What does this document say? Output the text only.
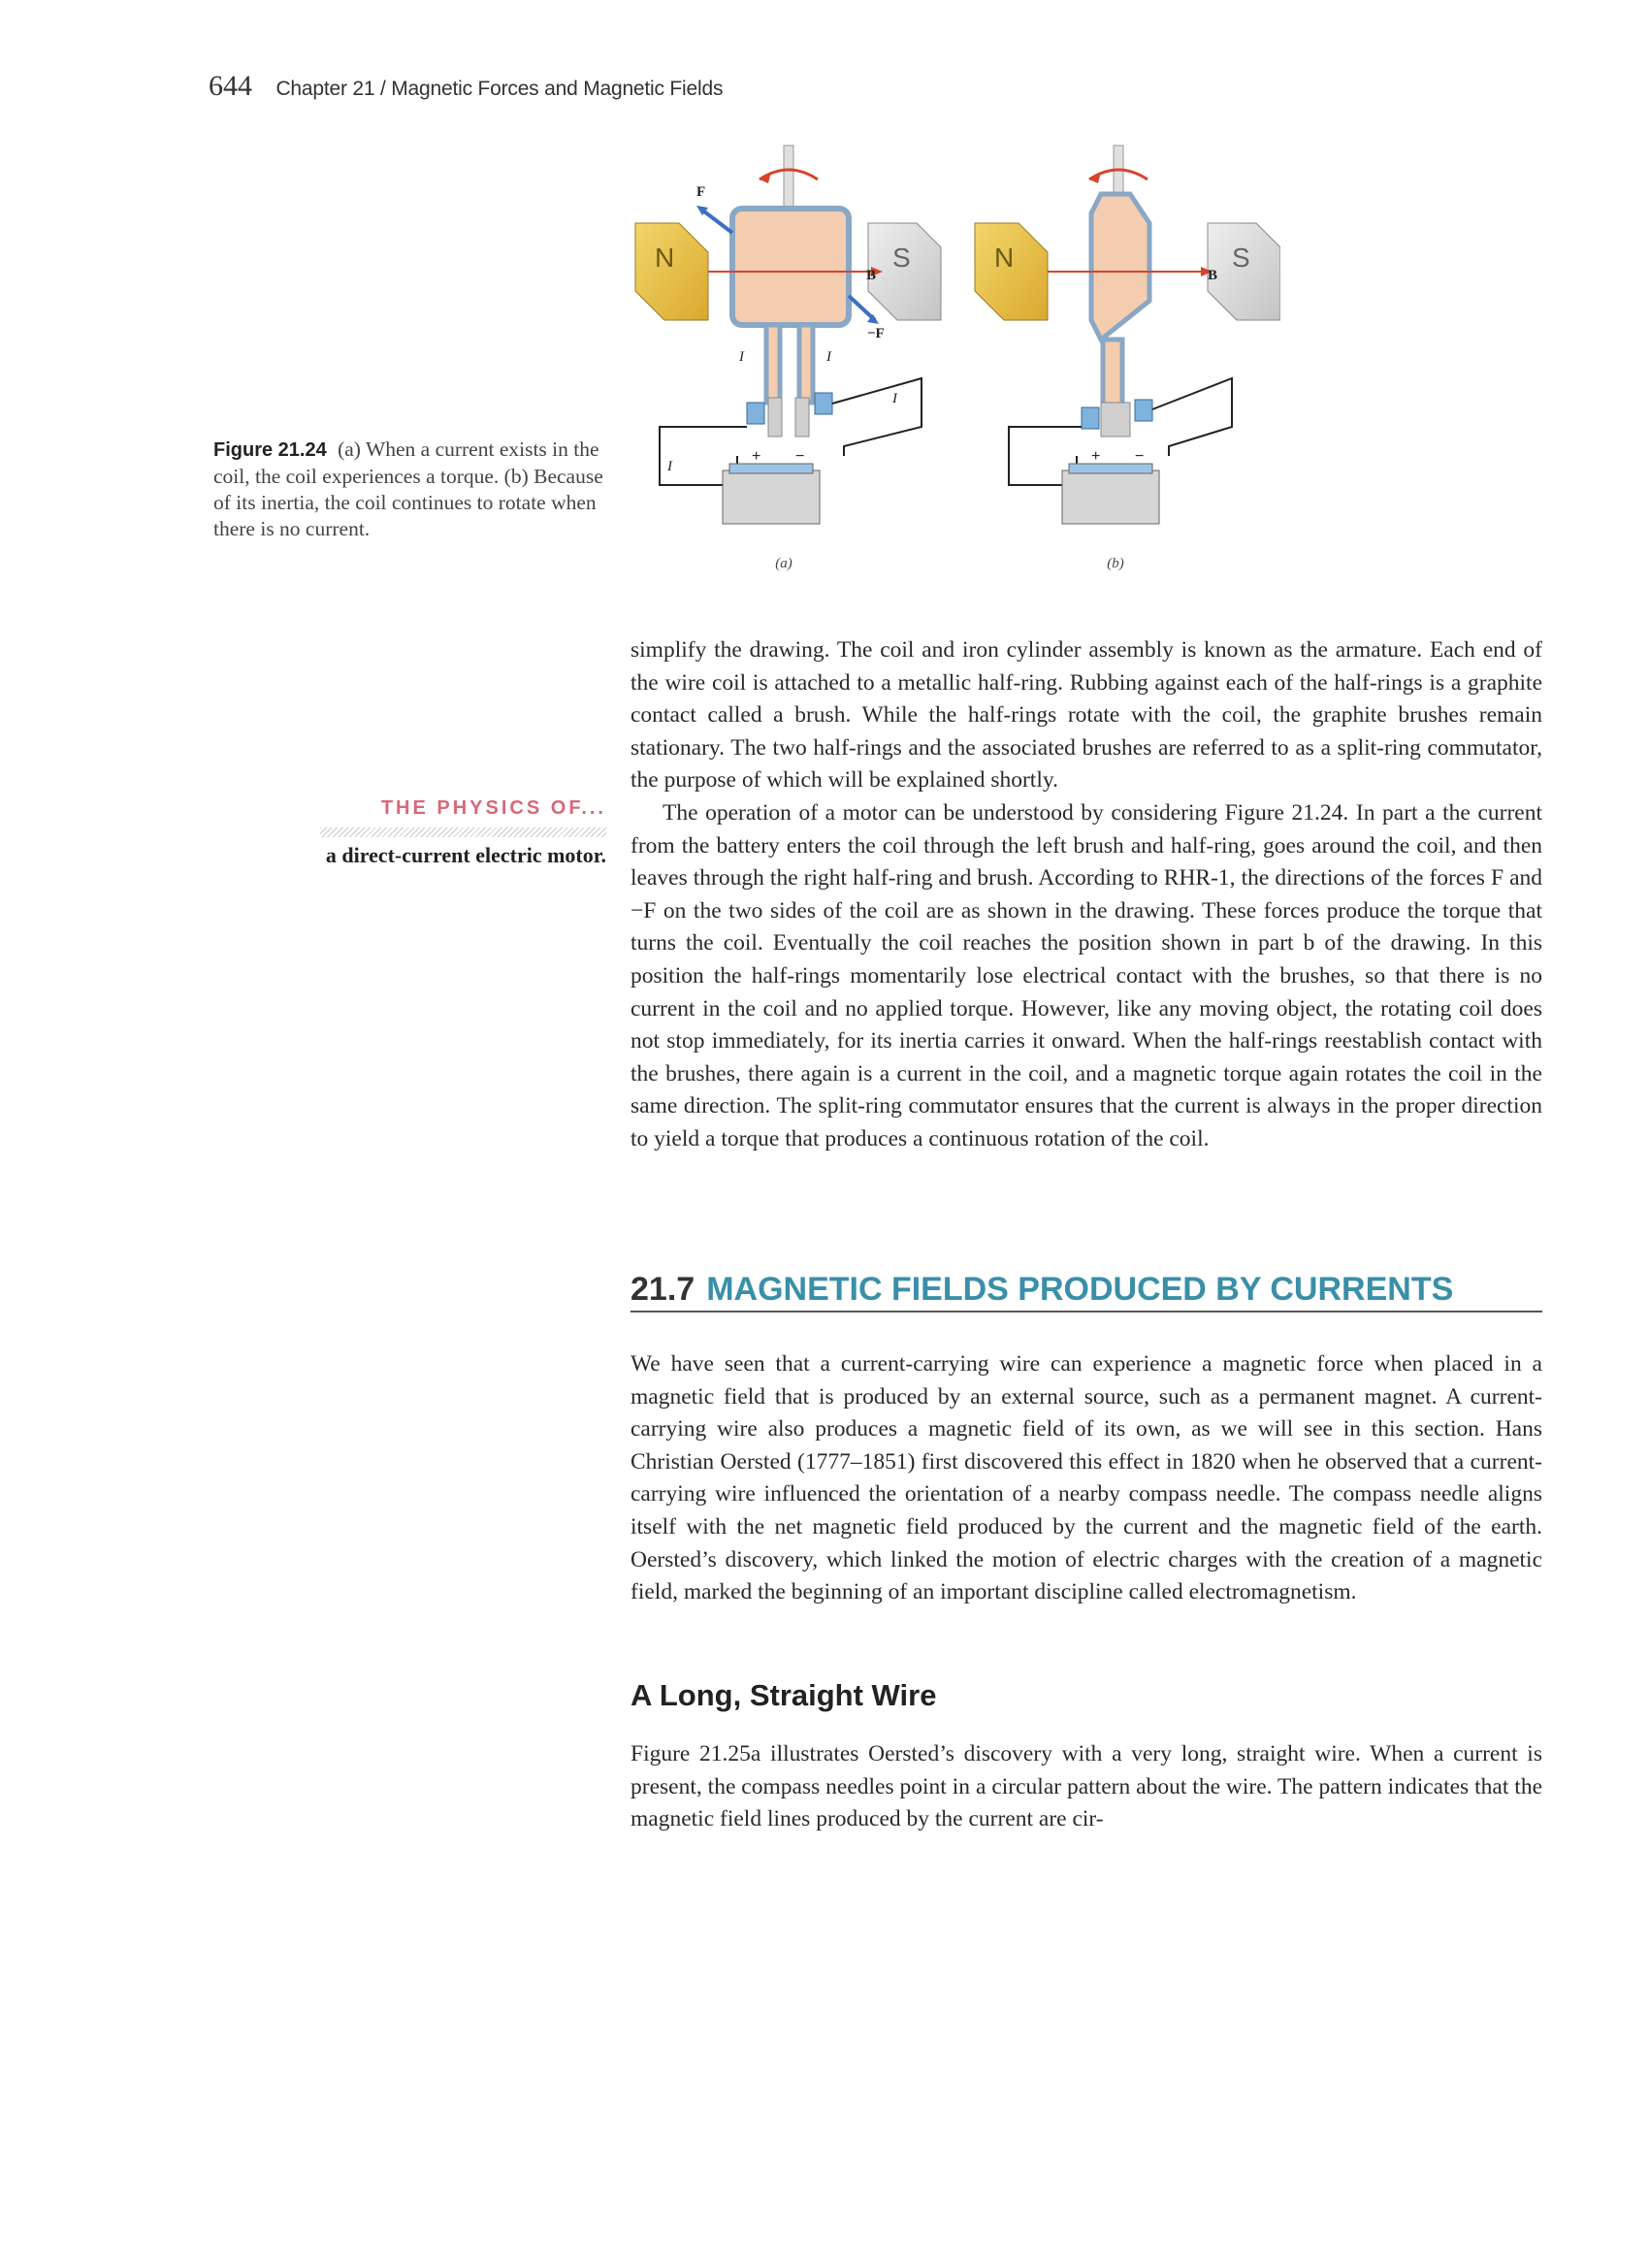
644 Chapter 21 / Magnetic Forces and Magnetic Fields
Figure 21.24 (a) When a current exists in the coil, the coil experiences a torque. (b) Because of its inertia, the coil continues to rotate when there is no current.
N	S
B
F
−F
I	I
I
I
+ −
(a)
N	S
B
+ −
(b)
THE PHYSICS OF...
a direct-current electric motor.

simplify the drawing. The coil and iron cylinder assembly is known as the armature. Each end of the wire coil is attached to a metallic half-ring. Rubbing against each of the half-rings is a graphite contact called a brush. While the half-rings rotate with the coil, the graphite brushes remain stationary. The two half-rings and the associated brushes are referred to as a split-ring commutator, the purpose of which will be explained shortly.

The operation of a motor can be understood by considering Figure 21.24. In part a the current from the battery enters the coil through the left brush and half-ring, goes around the coil, and then leaves through the right half-ring and brush. According to RHR-1, the directions of the forces F and −F on the two sides of the coil are as shown in the drawing. These forces produce the torque that turns the coil. Eventually the coil reaches the position shown in part b of the drawing. In this position the half-rings momentarily lose electrical contact with the brushes, so that there is no current in the coil and no applied torque. However, like any moving object, the rotating coil does not stop immediately, for its inertia carries it onward. When the half-rings reestablish contact with the brushes, there again is a current in the coil, and a magnetic torque again rotates the coil in the same direction. The split-ring commutator ensures that the current is always in the proper direction to yield a torque that produces a continuous rotation of the coil.

21.7 MAGNETIC FIELDS PRODUCED BY CURRENTS

We have seen that a current-carrying wire can experience a magnetic force when placed in a magnetic field that is produced by an external source, such as a permanent magnet. A current-carrying wire also produces a magnetic field of its own, as we will see in this section. Hans Christian Oersted (1777–1851) first discovered this effect in 1820 when he observed that a current-carrying wire influenced the orientation of a nearby compass needle. The compass needle aligns itself with the net magnetic field produced by the current and the magnetic field of the earth. Oersted’s discovery, which linked the motion of electric charges with the creation of a magnetic field, marked the beginning of an important discipline called electromagnetism.

A Long, Straight Wire

Figure 21.25a illustrates Oersted’s discovery with a very long, straight wire. When a current is present, the compass needles point in a circular pattern about the wire. The pattern indicates that the magnetic field lines produced by the current are cir-
